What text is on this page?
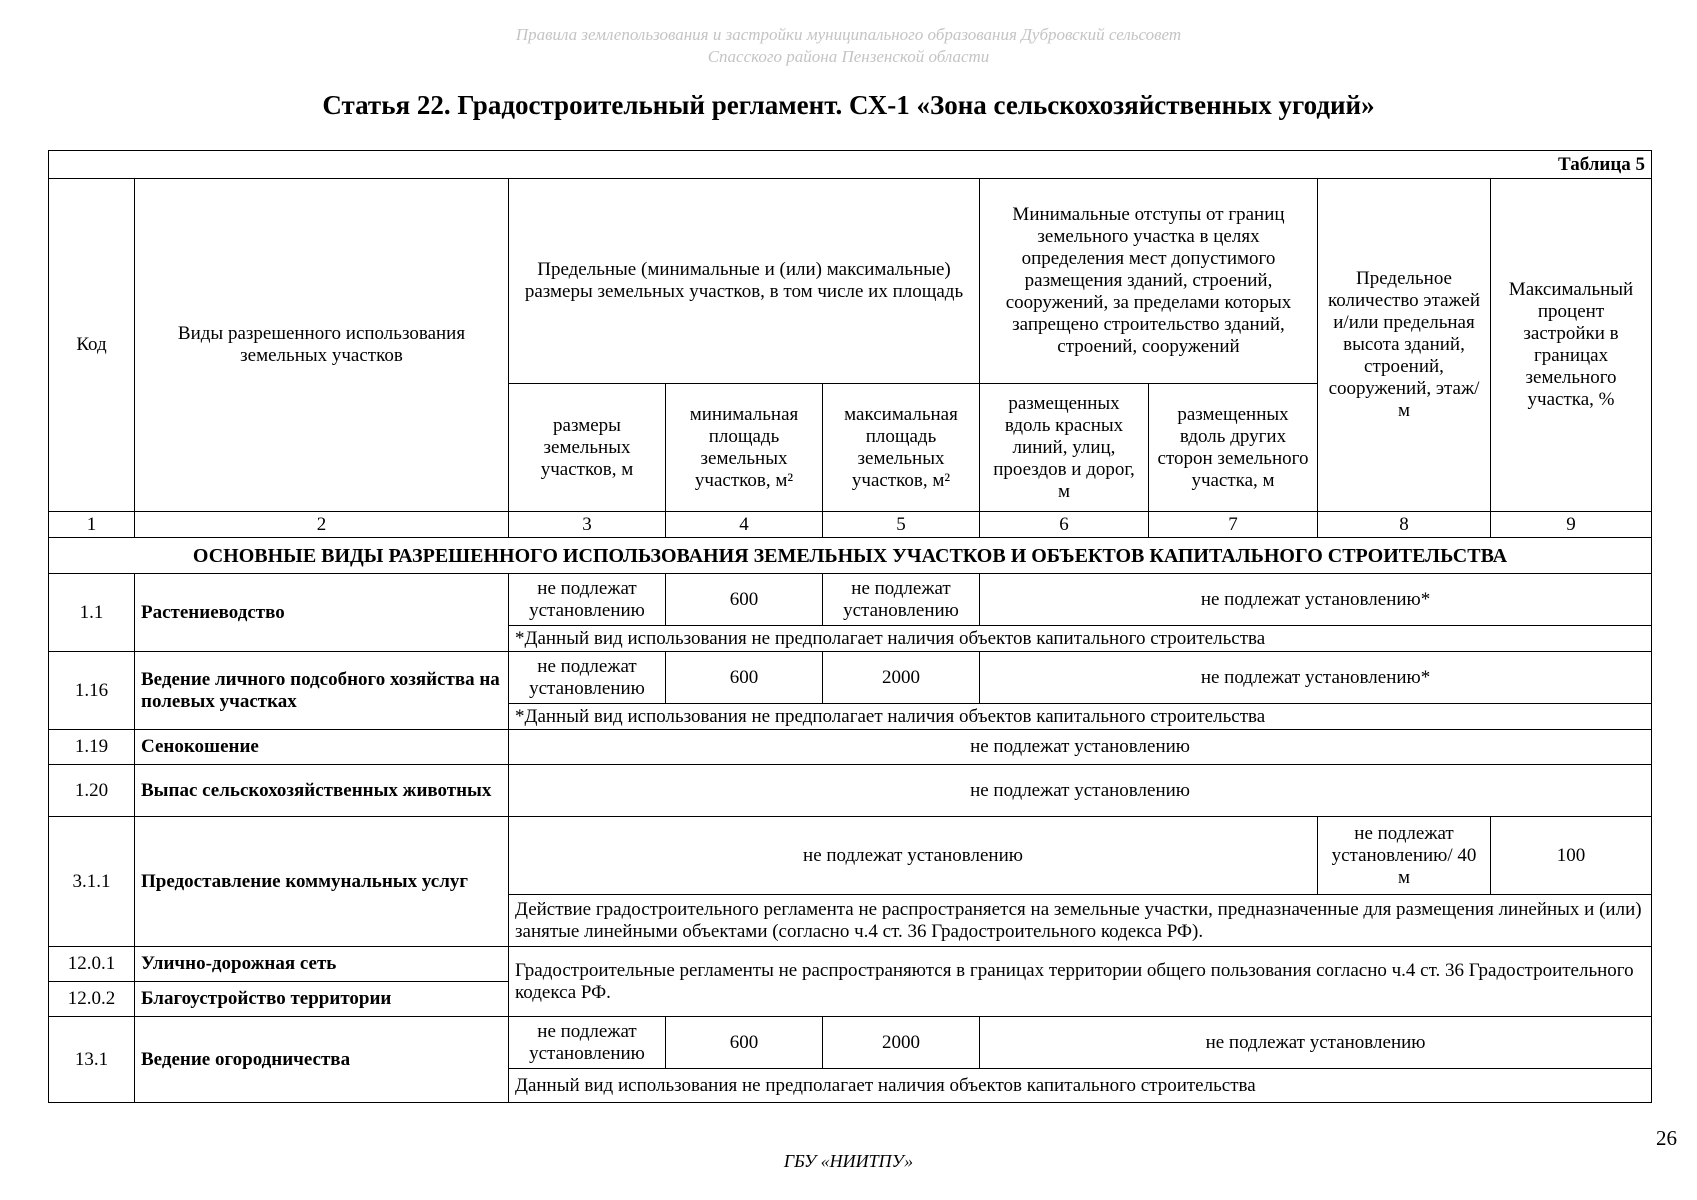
Правила землепользования и застройки муниципального образования Дубровский сельсовет
Спасского района Пензенской области
Статья 22. Градостроительный регламент. СХ-1 «Зона сельскохозяйственных угодий»
Таблица 5								
Код	Виды разрешенного использования земельных участков	Предельные (минимальные и (или) максимальные) размеры земельных участков, в том числе их площадь			Минимальные отступы от границ земельного участка в целях определения мест допустимого размещения зданий, строений, сооружений, за пределами которых запрещено строительство зданий, строений, сооружений		Предельное количество этажей и/или предельная высота зданий, строений, сооружений, этаж/м	Максимальный процент застройки в границах земельного участка, %
		размеры земельных участков, м	минимальная площадь земельных участков, м²	максимальная площадь земельных участков, м²	размещенных вдоль красных линий, улиц, проездов и дорог, м	размещенных вдоль других сторон земельного участка, м		
1	2	3	4	5	6	7	8	9
ОСНОВНЫЕ ВИДЫ РАЗРЕШЕННОГО ИСПОЛЬЗОВАНИЯ ЗЕМЕЛЬНЫХ УЧАСТКОВ И ОБЪЕКТОВ КАПИТАЛЬНОГО СТРОИТЕЛЬСТВА								
1.1	Растениеводство	не подлежат установлению	600	не подлежат установлению	не подлежат установлению*			
		*Данный вид использования не предполагает наличия объектов капитального строительства						
1.16	Ведение личного подсобного хозяйства на полевых участках	не подлежат установлению	600	2000	не подлежат установлению*			
		*Данный вид использования не предполагает наличия объектов капитального строительства						
1.19	Сенокошение	не подлежат установлению						
1.20	Выпас сельскохозяйственных животных	не подлежат установлению						
3.1.1	Предоставление коммунальных услуг	не подлежат установлению					не подлежат установлению/ 40 м	100
		Действие градостроительного регламента не распространяется на земельные участки, предназначенные для размещения линейных и (или) занятые линейными объектами (согласно ч.4 ст. 36 Градостроительного кодекса РФ).						
12.0.1	Улично-дорожная сеть	Градостроительные регламенты не распространяются в границах территории общего пользования согласно ч.4 ст. 36 Градостроительного кодекса РФ.						
12.0.2	Благоустройство территории							
13.1	Ведение огородничества	не подлежат установлению	600	2000	не подлежат установлению			
		Данный вид использования не предполагает наличия объектов капитального строительства						
26
ГБУ «НИИТПУ»
